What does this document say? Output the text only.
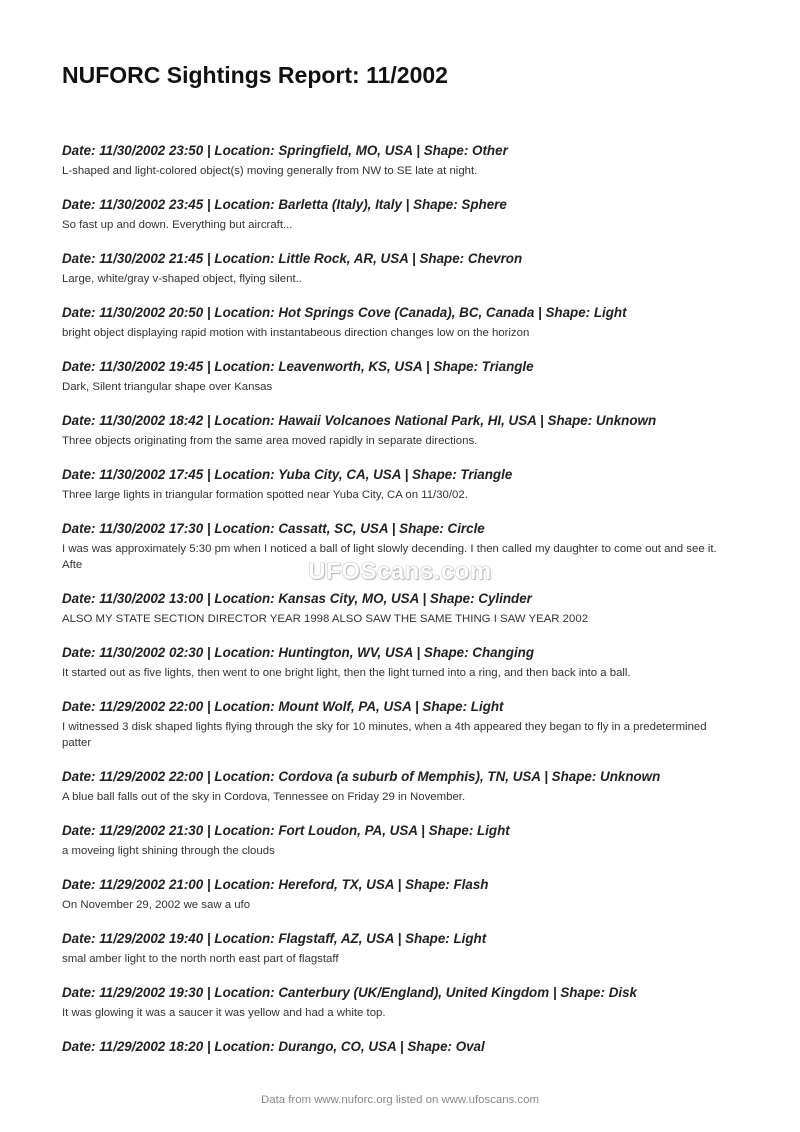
NUFORC Sightings Report: 11/2002
Date: 11/30/2002 23:50 | Location: Springfield, MO, USA | Shape: Other
L-shaped and light-colored object(s) moving generally from NW to SE late at night.
Date: 11/30/2002 23:45 | Location: Barletta (Italy), Italy | Shape: Sphere
So fast up and down. Everything but aircraft...
Date: 11/30/2002 21:45 | Location: Little Rock, AR, USA | Shape: Chevron
Large, white/gray v-shaped object, flying silent..
Date: 11/30/2002 20:50 | Location: Hot Springs Cove (Canada), BC, Canada | Shape: Light
bright object displaying rapid motion with instantabeous direction changes low on the horizon
Date: 11/30/2002 19:45 | Location: Leavenworth, KS, USA | Shape: Triangle
Dark, Silent triangular shape over Kansas
Date: 11/30/2002 18:42 | Location: Hawaii Volcanoes National Park, HI, USA | Shape: Unknown
Three objects originating from the same area moved rapidly in separate directions.
Date: 11/30/2002 17:45 | Location: Yuba City, CA, USA | Shape: Triangle
Three large lights in triangular formation spotted near Yuba City, CA on 11/30/02.
Date: 11/30/2002 17:30 | Location: Cassatt, SC, USA | Shape: Circle
I was was approximately 5:30 pm when I noticed a ball of light slowly decending. I then called my daughter to come out and see it. Afte
Date: 11/30/2002 13:00 | Location: Kansas City, MO, USA | Shape: Cylinder
ALSO MY STATE SECTION DIRECTOR YEAR 1998 ALSO SAW THE SAME THING I SAW YEAR 2002
Date: 11/30/2002 02:30 | Location: Huntington, WV, USA | Shape: Changing
It started out as five lights, then went to one bright light, then the light turned into a ring, and then back into a ball.
Date: 11/29/2002 22:00 | Location: Mount Wolf, PA, USA | Shape: Light
I witnessed 3 disk shaped lights flying through the sky for 10 minutes, when a 4th appeared they began to fly in a predetermined patter
Date: 11/29/2002 22:00 | Location: Cordova (a suburb of Memphis), TN, USA | Shape: Unknown
A blue ball falls out of the sky in Cordova, Tennessee on Friday 29 in November.
Date: 11/29/2002 21:30 | Location: Fort Loudon, PA, USA | Shape: Light
a moveing light shining through the clouds
Date: 11/29/2002 21:00 | Location: Hereford, TX, USA | Shape: Flash
On November 29, 2002 we saw a ufo
Date: 11/29/2002 19:40 | Location: Flagstaff, AZ, USA | Shape: Light
smal amber light to the north north east part of flagstaff
Date: 11/29/2002 19:30 | Location: Canterbury (UK/England), United Kingdom | Shape: Disk
It was glowing it was a saucer it was yellow and had a white top.
Date: 11/29/2002 18:20 | Location: Durango, CO, USA | Shape: Oval
UFOScans.com
Data from www.nuforc.org listed on www.ufoscans.com
